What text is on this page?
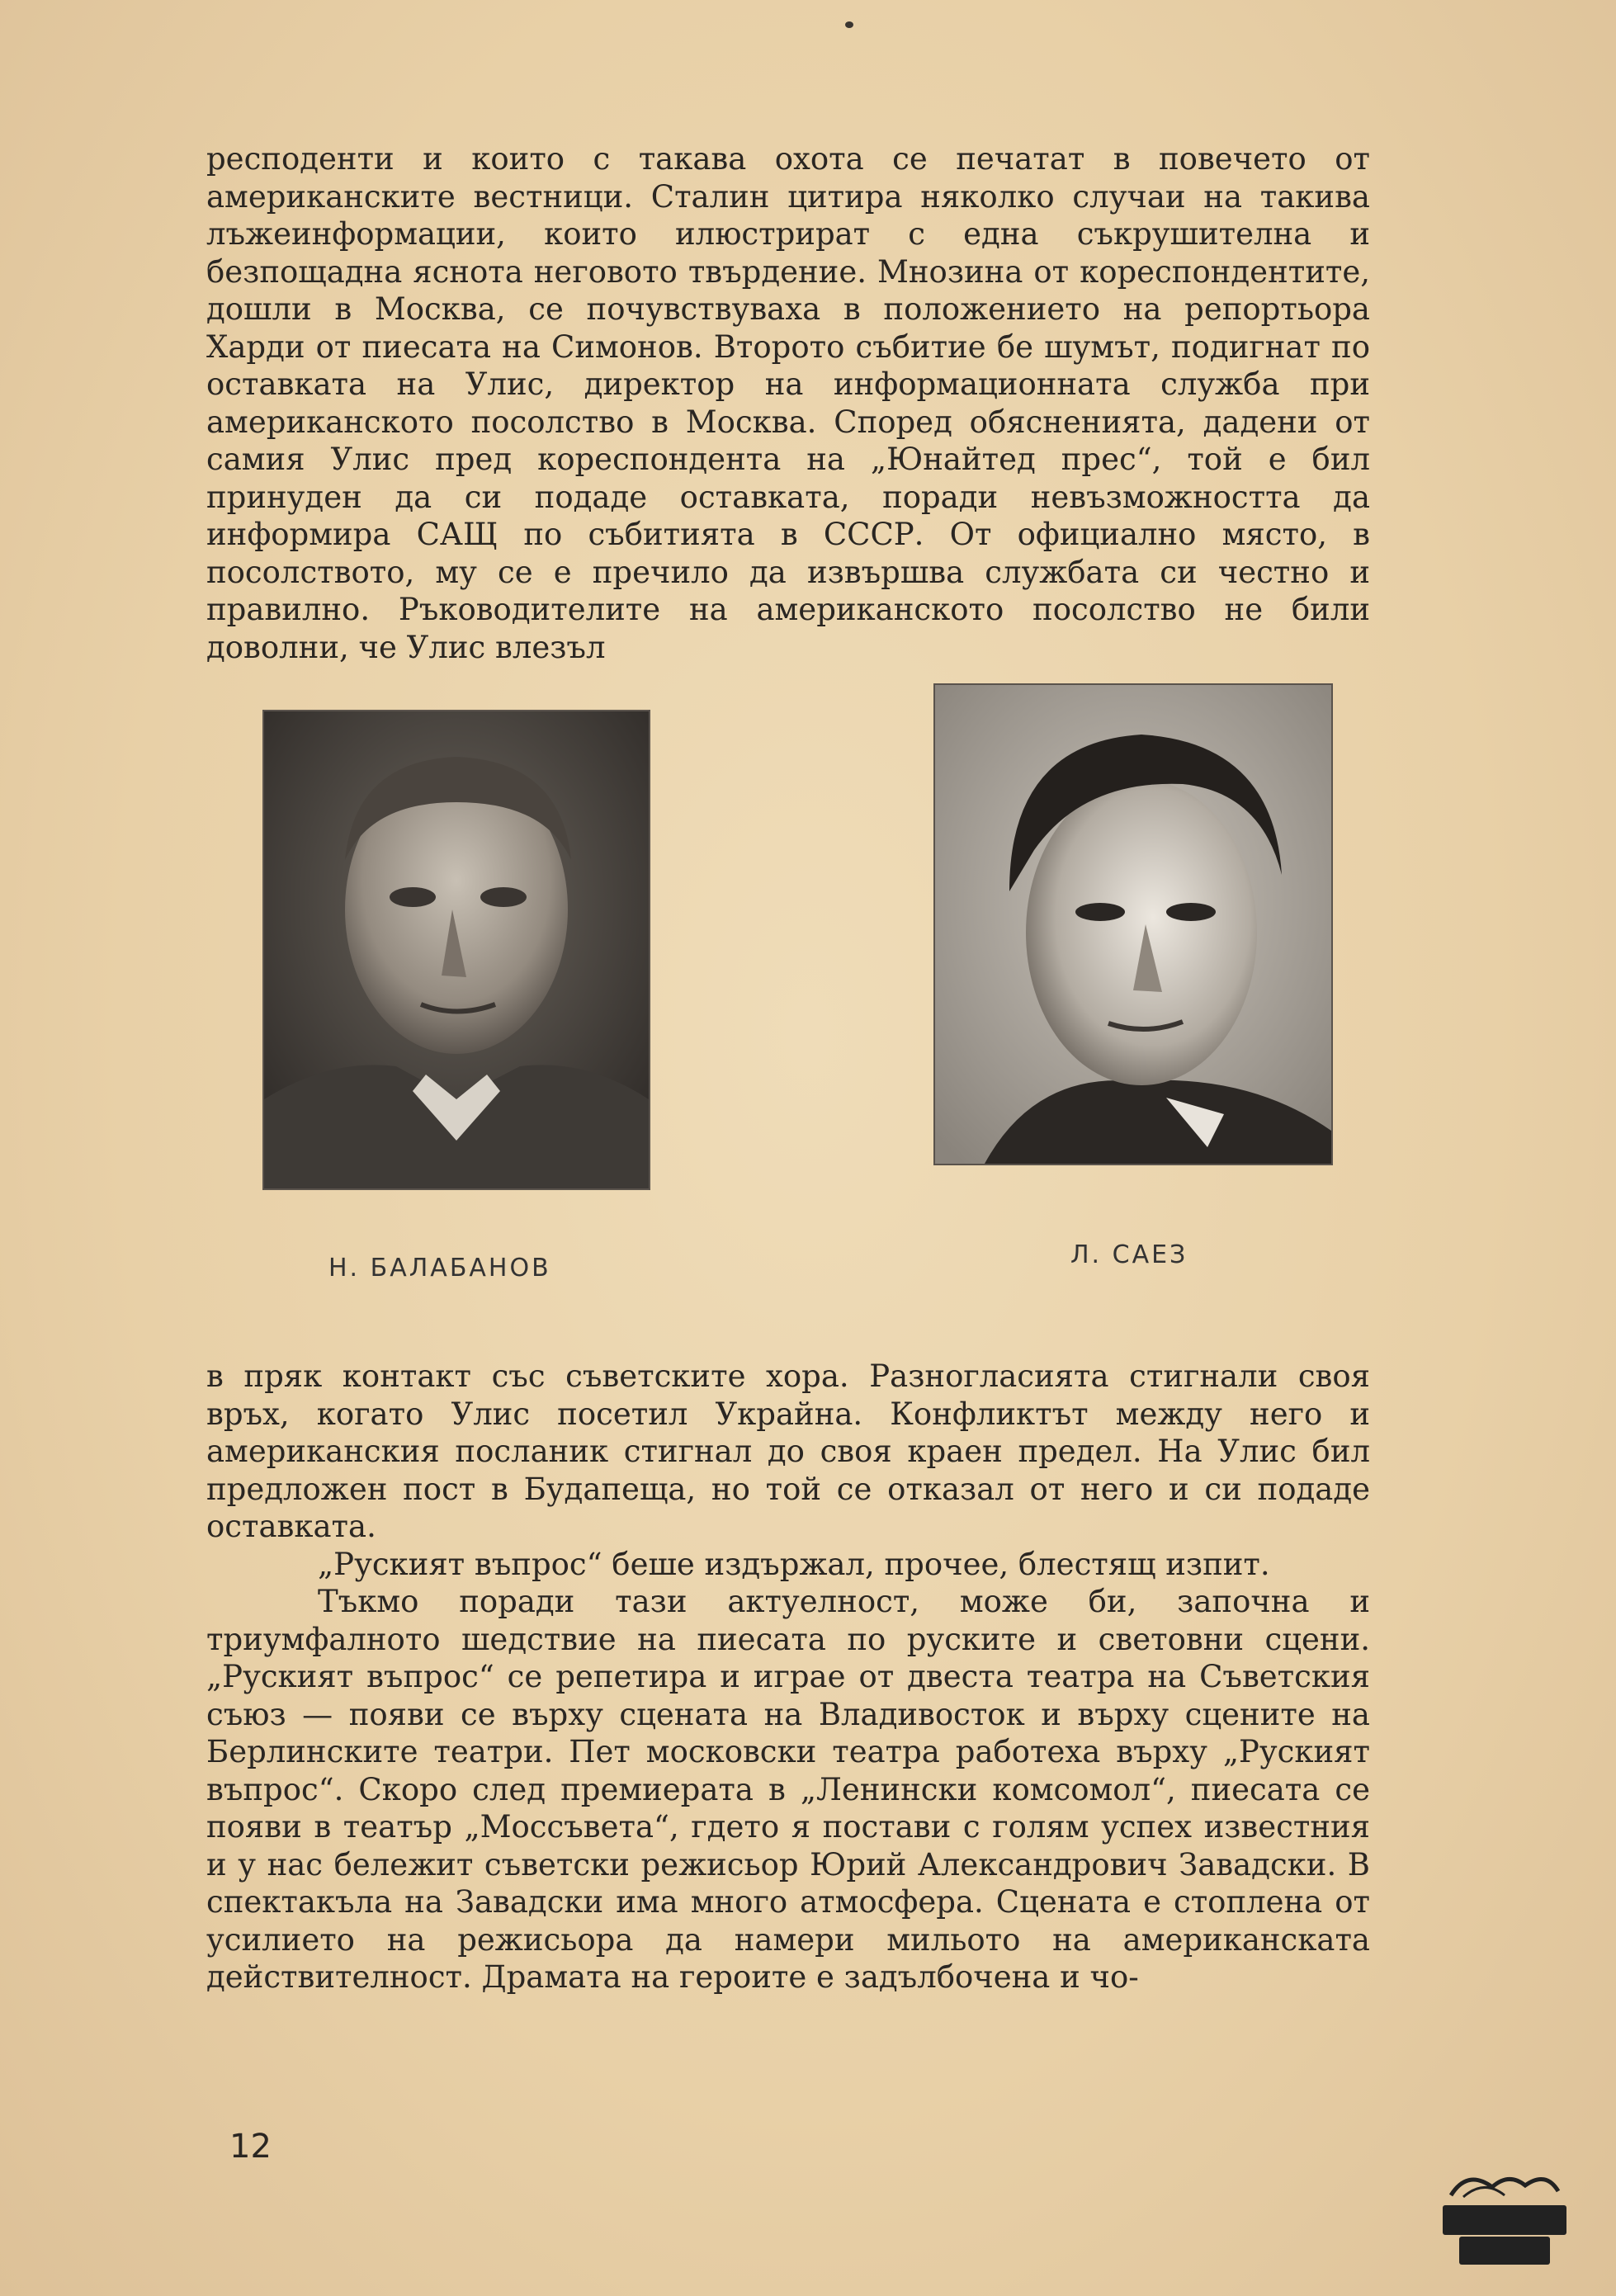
респоденти и които с такава охота се печатат в повечето от американските вестници. Сталин цитира няколко случаи на такива лъжеинформации, които илюстрират с една съкрушителна и безпощадна яснота неговото твърдение. Мнозина от кореспондентите, дошли в Москва, се почувствуваха в положението на репортьора Харди от пиесата на Симонов. Второто събитие бе шумът, подигнат по оставката на Улис, директор на информационната служба при американското посолство в Москва. Според обясненията, дадени от самия Улис пред кореспондента на „Юнайтед прес“, той е бил принуден да си подаде оставката, поради невъзможността да информира САЩ по събитията в СССР. От официално място, в посолството, му се е пречило да извършва службата си честно и правилно. Ръководителите на американското посолство не били доволни, че Улис влезъл

Н. БАЛАБАНОВ	Л. САЕЗ

в пряк контакт със съветските хора. Разногласията стигнали своя връх, когато Улис посетил Украйна. Конфликтът между него и американския посланик стигнал до своя краен предел. На Улис бил предложен пост в Будапеща, но той се отказал от него и си подаде оставката.

„Руският въпрос“ беше издържал, прочее, блестящ изпит.

Тъкмо поради тази актуелност, може би, започна и триумфалното шедствие на пиесата по руските и световни сцени. „Руският въпрос“ се репетира и играе от двеста театра на Съветския съюз — появи се върху сцената на Владивосток и върху сцените на Берлинските театри. Пет московски театра работеха върху „Руският въпрос“. Скоро след премиерата в „Ленински комсомол“, пиесата се появи в театър „Моссъвета“, гдето я постави с голям успех известния и у нас бележит съветски режисьор Юрий Александрович Завадски. В спектакъла на Завадски има много атмосфера. Сцената е стоплена от усилието на режисьора да намери мильото на американската действителност. Драмата на героите е задълбочена и чо-

12
